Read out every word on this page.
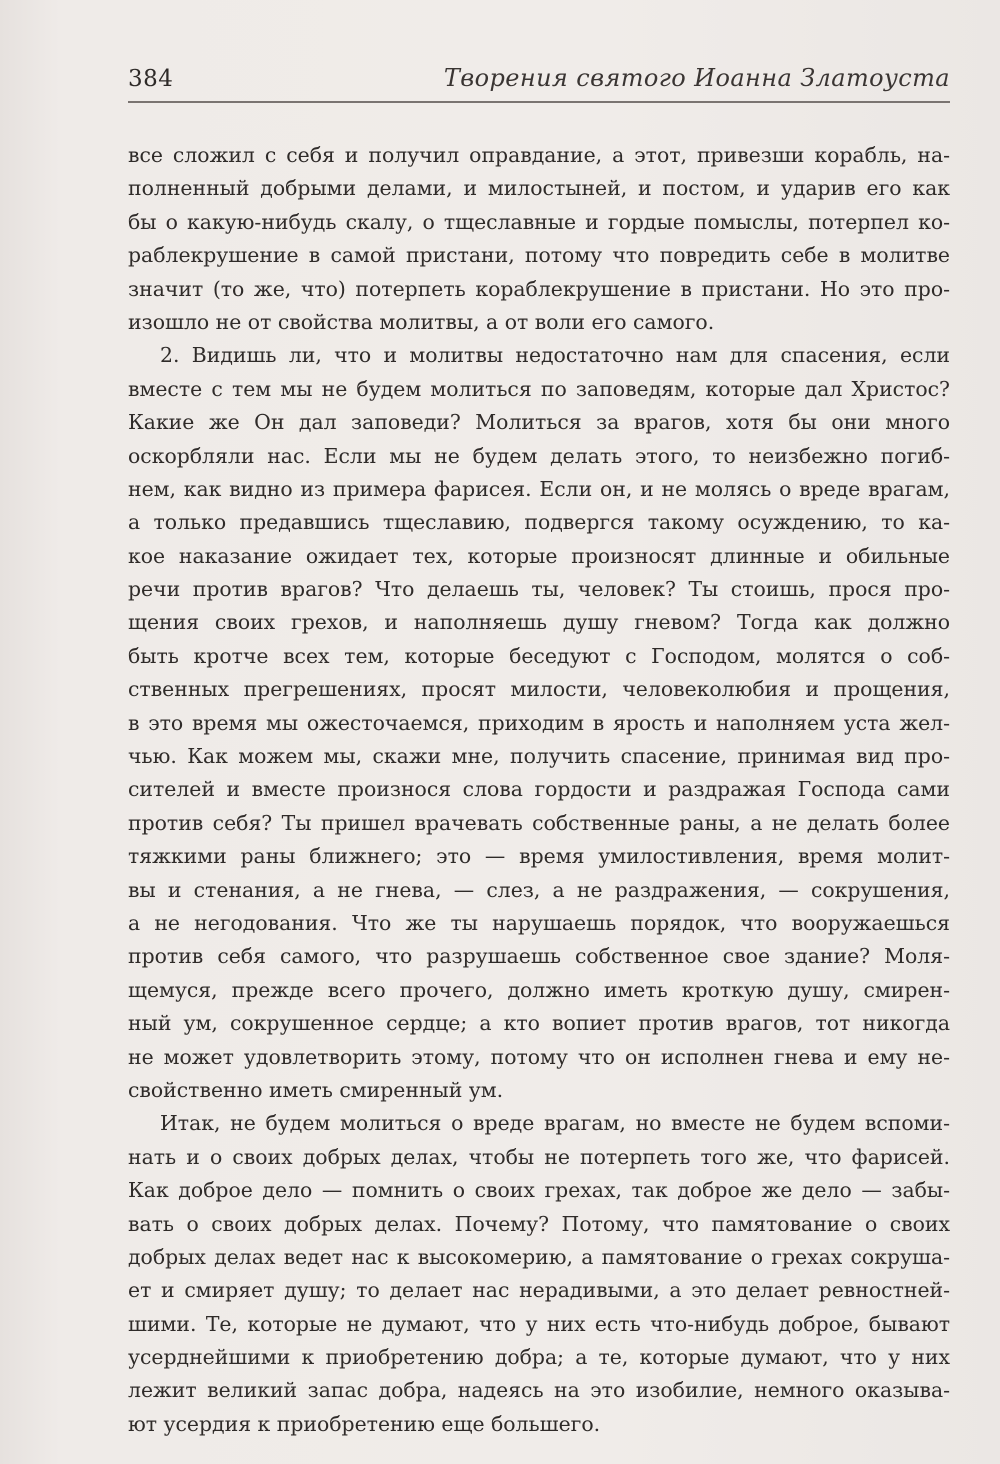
384	Творения святого Иоанна Златоуста
все сложил с себя и получил оправдание, а этот, привезши корабль, на-
полненный добрыми делами, и милостыней, и постом, и ударив его как
бы о какую-нибудь скалу, о тщеславные и гордые помыслы, потерпел ко-
раблекрушение в самой пристани, потому что повредить себе в молитве
значит (то же, что) потерпеть кораблекрушение в пристани. Но это про-
изошло не от свойства молитвы, а от воли его самого.
2. Видишь ли, что и молитвы недостаточно нам для спасения, если
вместе с тем мы не будем молиться по заповедям, которые дал Христос?
Какие же Он дал заповеди? Молиться за врагов, хотя бы они много
оскорбляли нас. Если мы не будем делать этого, то неизбежно погиб-
нем, как видно из примера фарисея. Если он, и не молясь о вреде врагам,
а только предавшись тщеславию, подвергся такому осуждению, то ка-
кое наказание ожидает тех, которые произносят длинные и обильные
речи против врагов? Что делаешь ты, человек? Ты стоишь, прося про-
щения своих грехов, и наполняешь душу гневом? Тогда как должно
быть кротче всех тем, которые беседуют с Господом, молятся о соб-
ственных прегрешениях, просят милости, человеколюбия и прощения,
в это время мы ожесточаемся, приходим в ярость и наполняем уста жел-
чью. Как можем мы, скажи мне, получить спасение, принимая вид про-
сителей и вместе произнося слова гордости и раздражая Господа сами
против себя? Ты пришел врачевать собственные раны, а не делать более
тяжкими раны ближнего; это — время умилостивления, время молит-
вы и стенания, а не гнева, — слез, а не раздражения, — сокрушения,
а не негодования. Что же ты нарушаешь порядок, что вооружаешься
против себя самого, что разрушаешь собственное свое здание? Моля-
щемуся, прежде всего прочего, должно иметь кроткую душу, смирен-
ный ум, сокрушенное сердце; а кто вопиет против врагов, тот никогда
не может удовлетворить этому, потому что он исполнен гнева и ему не-
свойственно иметь смиренный ум.
Итак, не будем молиться о вреде врагам, но вместе не будем вспоми-
нать и о своих добрых делах, чтобы не потерпеть того же, что фарисей.
Как доброе дело — помнить о своих грехах, так доброе же дело — забы-
вать о своих добрых делах. Почему? Потому, что памятование о своих
добрых делах ведет нас к высокомерию, а памятование о грехах сокруша-
ет и смиряет душу; то делает нас нерадивыми, а это делает ревностней-
шими. Те, которые не думают, что у них есть что-нибудь доброе, бывают
усерднейшими к приобретению добра; а те, которые думают, что у них
лежит великий запас добра, надеясь на это изобилие, немного оказыва-
ют усердия к приобретению еще большего.
